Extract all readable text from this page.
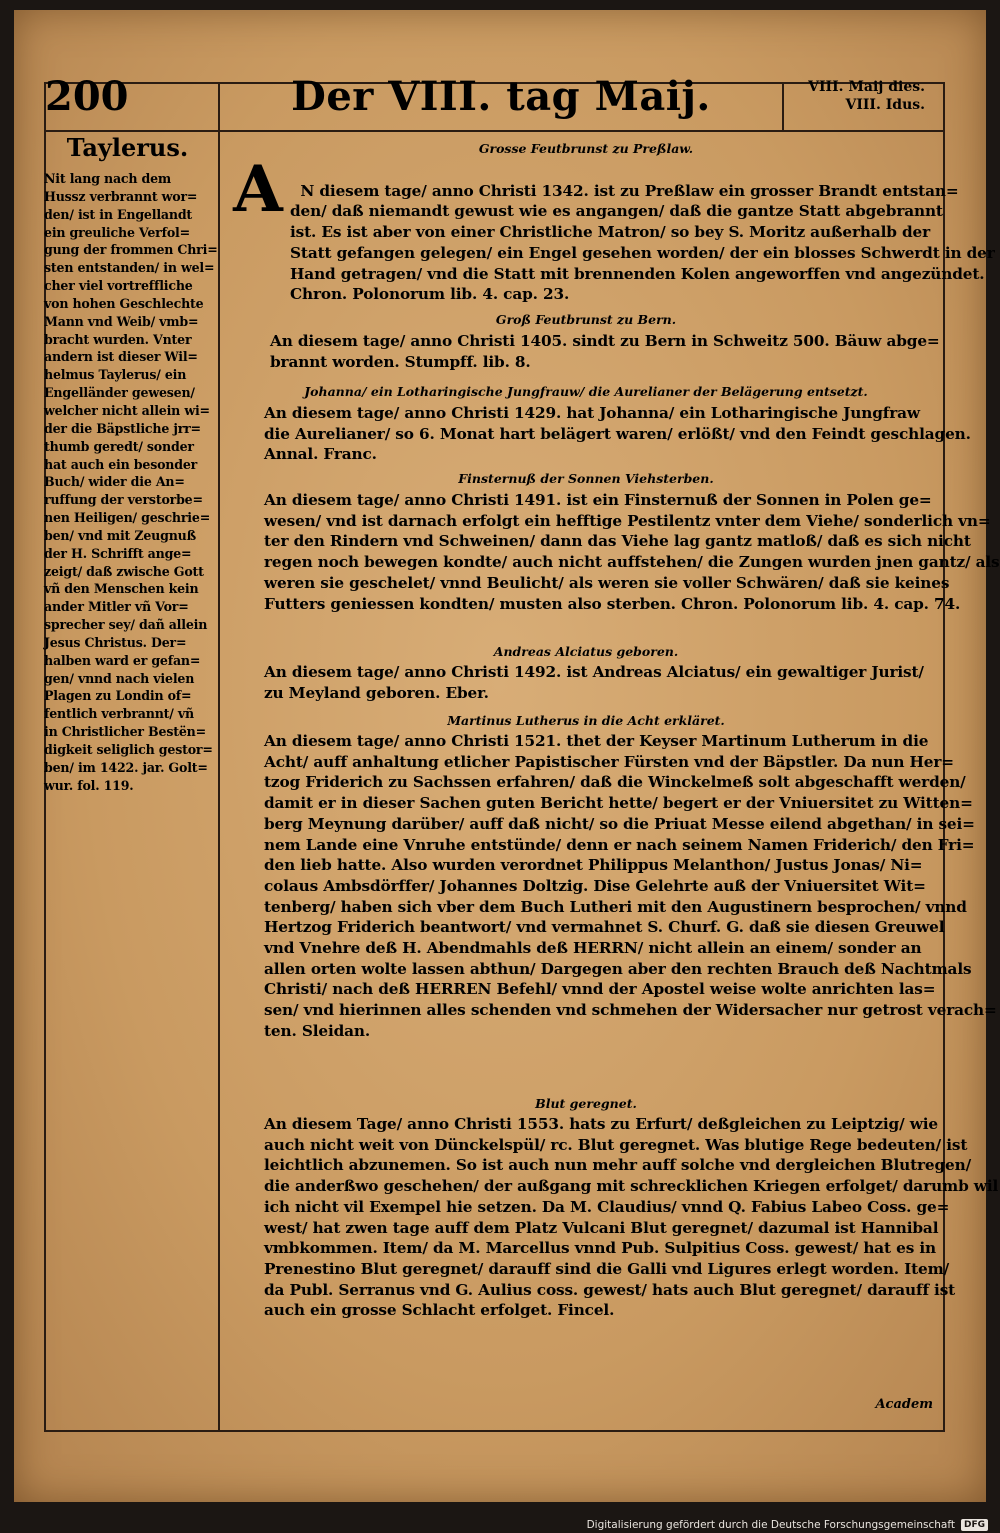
200	Der VIII. tag Maij.	VIII. Maij dies.
VIII. Idus.
Taylerus.
Nit lang nach dem
Hussz verbrannt wor=
den/ ist in Engellandt
ein greuliche Verfol=
gung der frommen Chri=
sten entstanden/ in wel=
cher viel vortreffliche
von hohen Geschlechte
Mann vnd Weib/ vmb=
bracht wurden. Vnter
andern ist dieser Wil=
helmus Taylerus/ ein
Engelländer gewesen/
welcher nicht allein wi=
der die Bäpstliche jrr=
thumb geredt/ sonder
hat auch ein besonder
Buch/ wider die An=
ruffung der verstorbe=
nen Heiligen/ geschrie=
ben/ vnd mit Zeugnuß
der H. Schrifft ange=
zeigt/ daß zwische Gott
vñ den Menschen kein
ander Mitler vñ Vor=
sprecher sey/ dañ allein
Jesus Christus. Der=
halben ward er gefan=
gen/ vnnd nach vielen
Plagen zu Londin of=
fentlich verbrannt/ vñ
in Christlicher Bestën=
digkeit seliglich gestor=
ben/ im 1422. jar. Golt=
wur. fol. 119.
Grosse Feutbrunst zu Preßlaw.
A	N diesem tage/ anno Christi 1342. ist zu Preßlaw ein grosser Brandt entstan=
den/ daß niemandt gewust wie es angangen/ daß die gantze Statt abgebrannt
ist. Es ist aber von einer Christliche Matron/ so bey S. Moritz außerhalb der
Statt gefangen gelegen/ ein Engel gesehen worden/ der ein blosses Schwerdt in der
Hand getragen/ vnd die Statt mit brennenden Kolen angeworffen vnd angezündet.
Chron. Polonorum lib. 4. cap. 23.

Groß Feutbrunst zu Bern.
An diesem tage/ anno Christi 1405. sindt zu Bern in Schweitz 500. Bäuw abge=
brannt worden. Stumpff. lib. 8.
Johanna/ ein Lotharingische Jungfrauw/ die Aurelianer der Belägerung entsetzt.
An diesem tage/ anno Christi 1429. hat Johanna/ ein Lotharingische Jungfraw
die Aurelianer/ so 6. Monat hart belägert waren/ erlößt/ vnd den Feindt geschlagen.
Annal. Franc.
Finsternuß der Sonnen Viehsterben.
An diesem tage/ anno Christi 1491. ist ein Finsternuß der Sonnen in Polen ge=
wesen/ vnd ist darnach erfolgt ein hefftige Pestilentz vnter dem Viehe/ sonderlich
ter den Rindern vnd Schweinen/ dann das Viehe lag gantz matloß/ daß es sich nicht
regen noch bewegen kondte/ auch nicht auffstehen/ die Zungen wurden jnen gantz/ als
weren sie geschelet/ vnnd Beulicht/ als weren sie voller Schwären/ daß sie keines
Futters geniessen kondten/ musten also sterben. Chron. Polonorum lib. 4. cap. 74.
Andreas Alciatus geboren.
An diesem tage/ anno Christi 1492. ist Andreas Alciatus/ ein gewaltiger Jurist/
zu Meyland geboren. Eber.
Martinus Lutherus in die Acht erkläret.
An diesem tage/ anno Christi 1521. thet der Keyser Martinum Lutherum in die
Acht/ auff anhaltung etlicher Papistischer Fürsten vnd der Bäpstler. Da nun Her=
tzog Friderich zu Sachssen erfahren/ daß die Winckelmeß solt abgeschafft werden/
damit er in dieser Sachen guten Bericht hette/ begert er der Vniuersitet zu Witten=
berg Meynung darüber/ auff daß nicht/ so die Priuat Messe eilend abgethan/ in sei=
nem Lande eine Vnruhe entstünde/ denn er nach seinem Namen Friderich/ den Fri=
den lieb hatte. Also wurden verordnet Philippus Melanthon/ Justus Jonas/ Ni=
colaus Ambsdörffer/ Johannes Doltzig. Dise Gelehrte auß der Vniuersitet Wit=
tenberg/ haben sich vber dem Buch Lutheri mit den Augustinern besprochen/ vnnd
Hertzog Friderich beantwort/ vnd vermahnet S. Churf. G. daß sie diesen Greuwel
vnd Vnehre deß H. Abendmahls deß HERRN/ nicht allein an einem/ sonder an
allen orten wolte lassen abthun/ Dargegen aber den rechten Brauch deß Nachtmals
Christi/ nach deß HERREN Befehl/ vnnd der Apostel weise wolte anrichten las=
sen/ vnd hierinnen alles schenden vnd schmehen der Widersacher nur getrost verach=
ten. Sleidan.
Blut geregnet.
An diesem Tage/ anno Christi 1553. hats zu Erfurt/ deßgleichen zu Leiptzig/ wie
auch nicht weit von Dünckelspül/ rc. Blut geregnet. Was blutige Rege bedeuten/ ist
leichtlich abzunemen. So ist auch nun mehr auff solche vnd dergleichen Blutregen/
die anderßwo geschehen/ der außgang mit schrecklichen Kriegen erfolget/ darumb
ich nicht vil Exempel hie setzen. Da M. Claudius/ vnnd Q. Fabius Labeo Coss. ge=
west/ hat zwen tage auff dem Platz Vulcani Blut geregnet/ dazumal ist Hannibal
vmbkommen. Item/ da M. Marcellus vnnd Pub. Sulpitius Coss. gewest/ hat es in
Prenestino Blut geregnet/ darauff sind die Galli vnd Ligures erlegt worden. Item/
da Publ. Serranus vnd G. Aulius coss. gewest/ hats auch Blut geregnet/ darauff ist
auch ein grosse Schlacht erfolget. Fincel.
Academ
Digitalisierung gefördert durch die Deutsche Forschungsgemeinschaft	DFG
